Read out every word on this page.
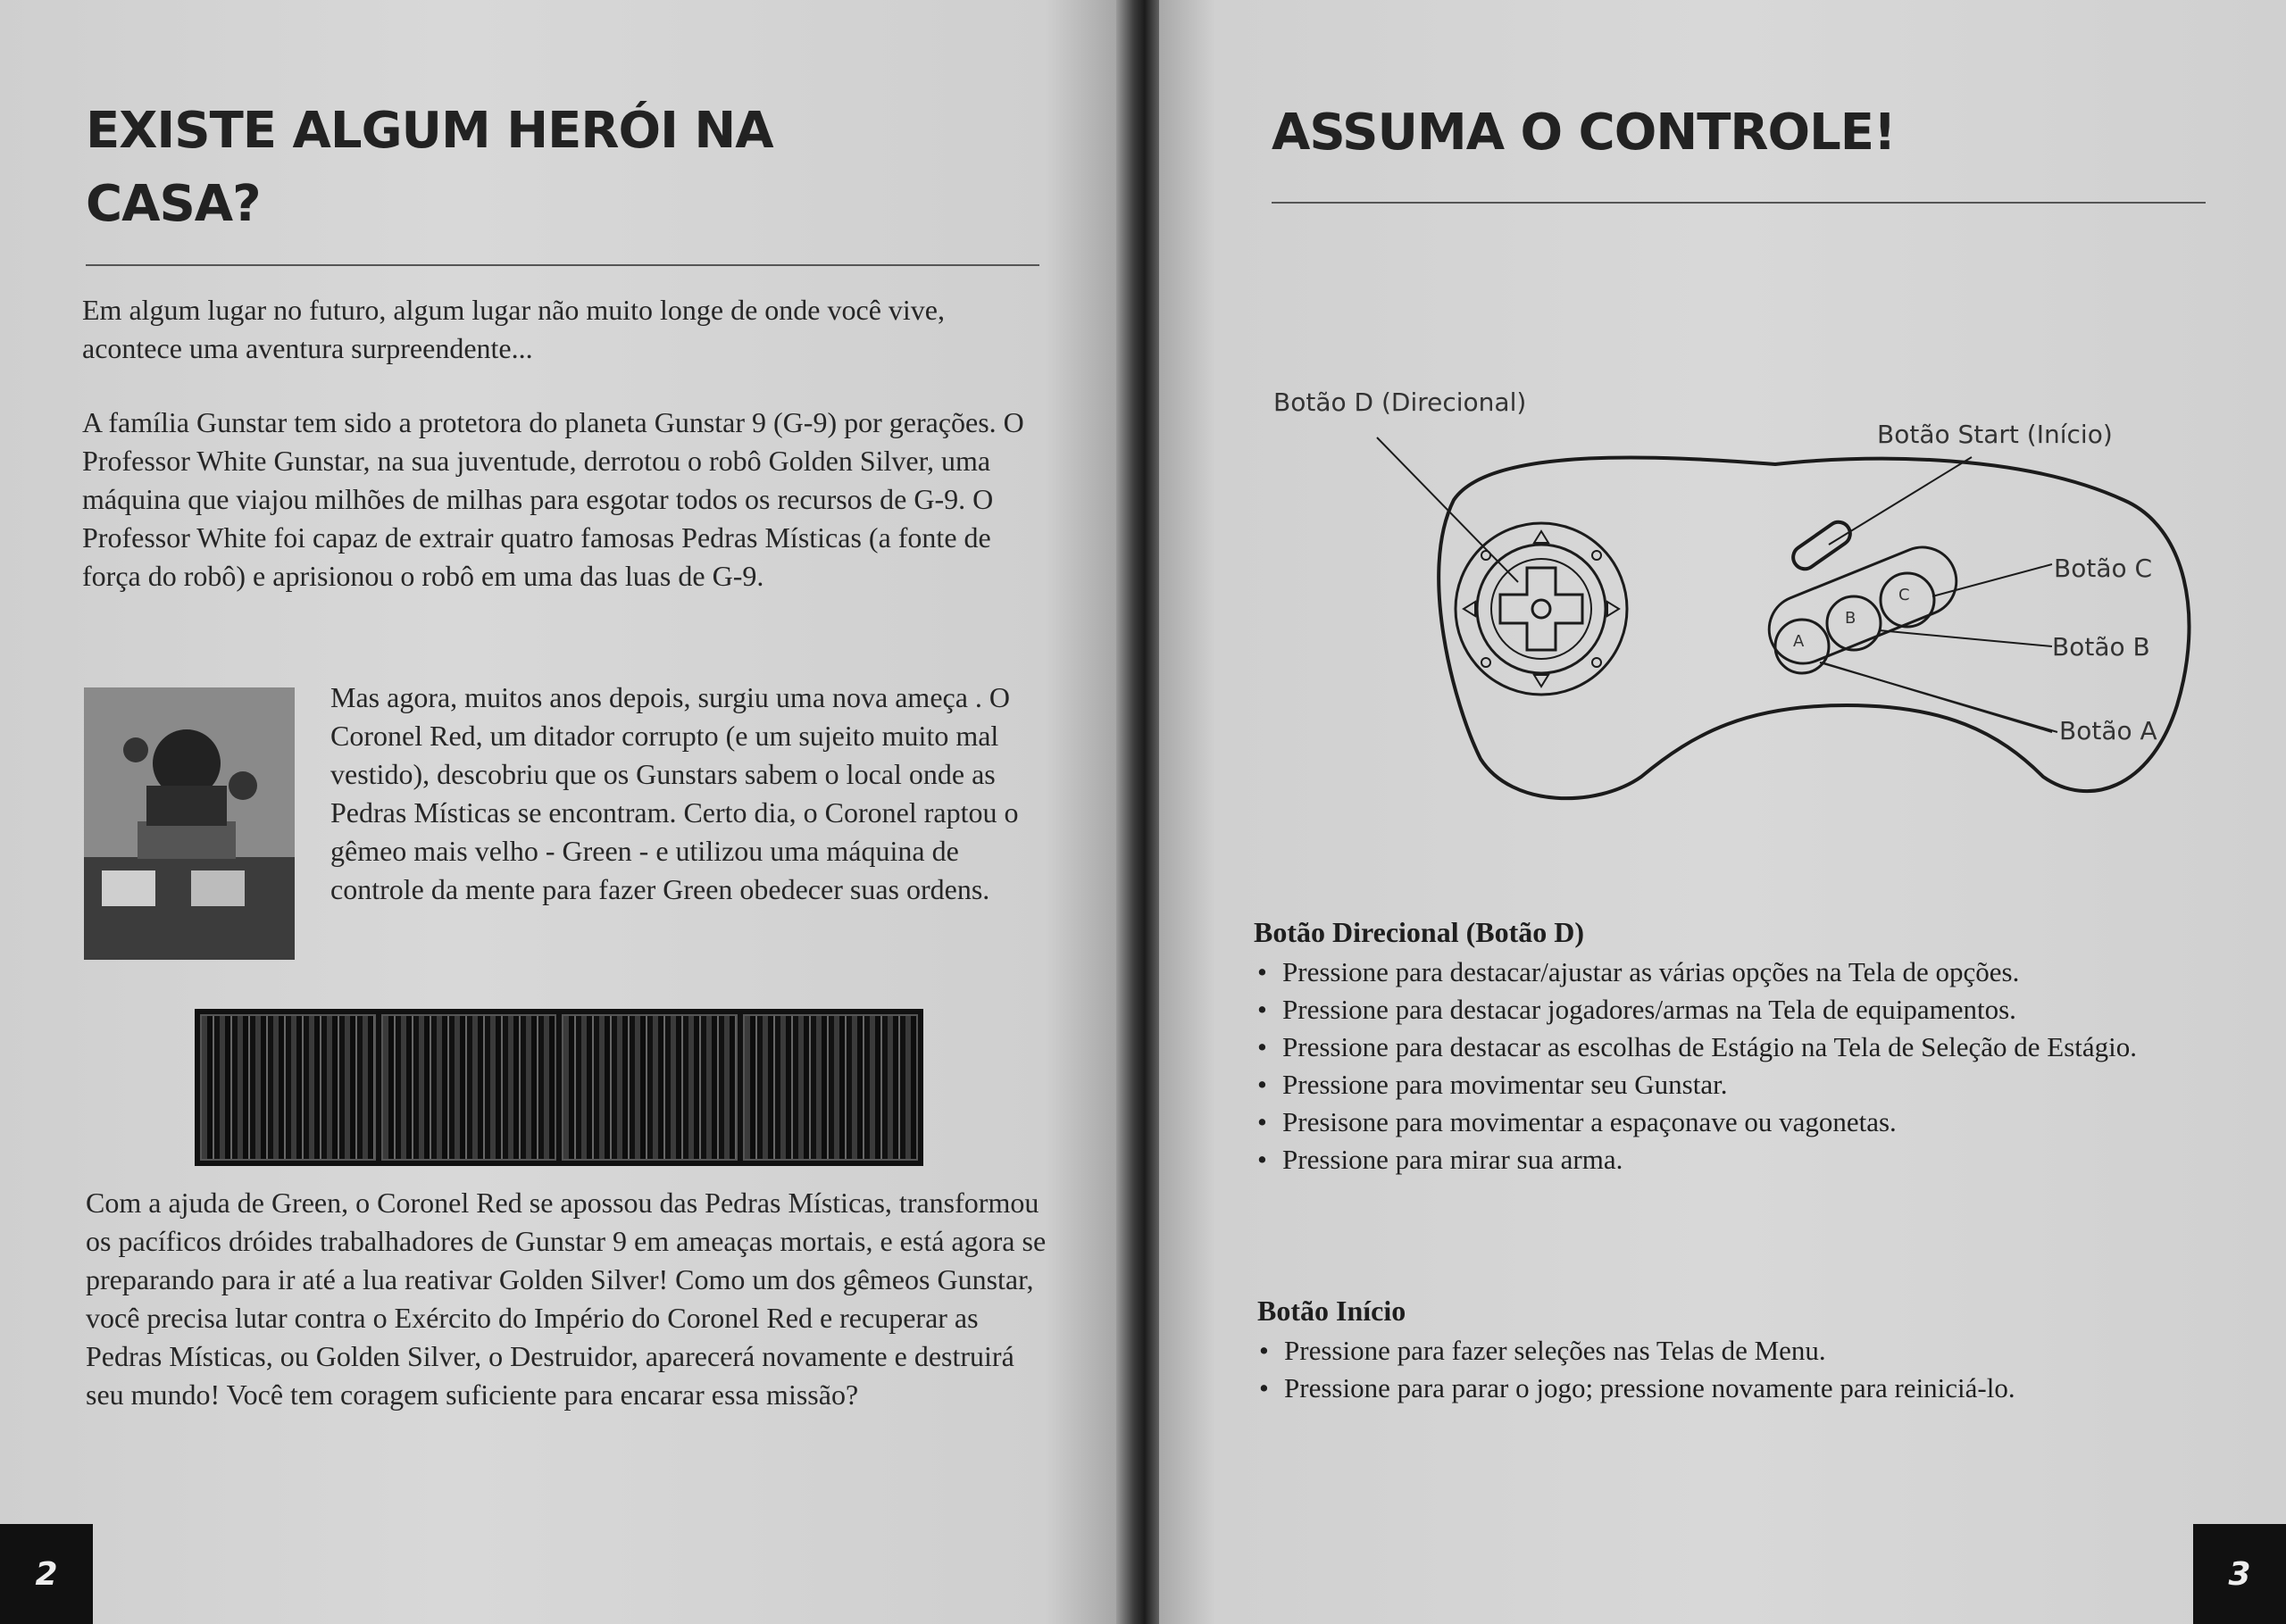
EXISTE ALGUM HERÓI NA
CASA?

Em algum lugar no futuro, algum lugar não muito longe de onde você vive, acontece uma aventura surpreendente...

A família Gunstar tem sido a protetora do planeta Gunstar 9 (G-9) por gerações. O Professor White Gunstar, na sua juventude, derrotou o robô Golden Silver, uma máquina que viajou milhões de milhas para esgotar todos os recursos de G-9. O Professor White foi capaz de extrair quatro famosas Pedras Místicas (a fonte de força do robô) e aprisionou o robô em uma das luas de G-9.

Mas agora, muitos anos depois, surgiu uma nova ameça . O Coronel Red, um ditador corrupto (e um sujeito muito mal vestido), descobriu que os Gunstars sabem o local onde as Pedras Místicas se encontram. Certo dia, o Coronel raptou o gêmeo mais velho - Green - e utilizou uma máquina de controle da mente para fazer Green obedecer suas ordens.

Com a ajuda de Green, o Coronel Red se apossou das Pedras Místicas, transformou os pacíficos dróides trabalhadores de Gunstar 9 em ameaças mortais, e está agora se preparando para ir até a lua reativar Golden Silver! Como um dos gêmeos Gunstar, você precisa lutar contra o Exército do Império do Coronel Red e recuperar as Pedras Místicas, ou Golden Silver, o Destruidor, aparecerá novamente e destruirá seu mundo! Você tem coragem suficiente para encarar essa missão?

2
ASSUMA O CONTROLE!
Botão D (Direcional)
Botão Start (Início)
Botão C
Botão B
Botão A
A
B
C

Botão Direcional (Botão D)

• Pressione para destacar/ajustar as várias opções na Tela de opções.
• Pressione para destacar jogadores/armas na Tela de equipamentos.
• Pressione para destacar as escolhas de Estágio na Tela de Seleção de Estágio.
• Pressione para movimentar seu Gunstar.
• Presisone para movimentar a espaçonave ou vagonetas.
• Pressione para mirar sua arma.

Botão Início

• Pressione para fazer seleções nas Telas de Menu.
• Pressione para parar o jogo; pressione novamente para reiniciá-lo.
3
